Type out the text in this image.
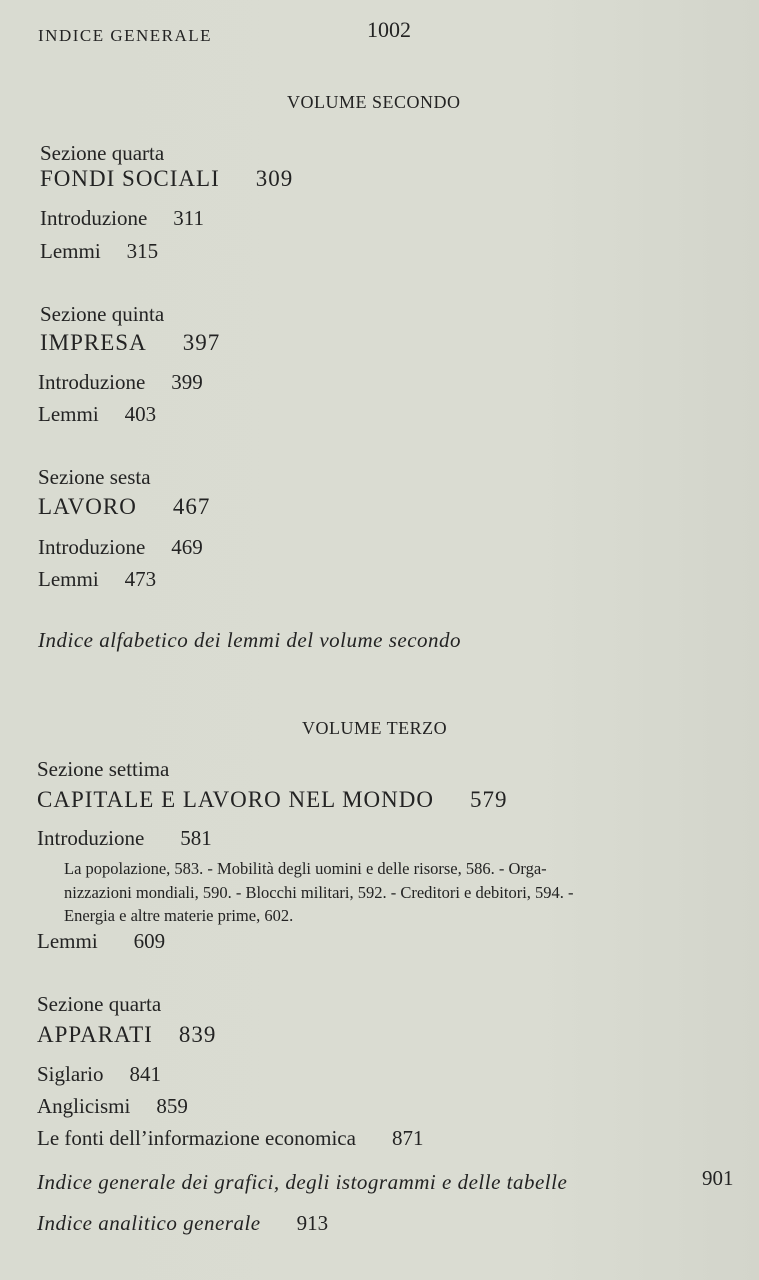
INDICE GENERALE	1002
VOLUME SECONDO
Sezione quarta
FONDI SOCIALI 309
Introduzione 311
Lemmi 315
Sezione quinta
IMPRESA 397
Introduzione 399
Lemmi 403
Sezione sesta
LAVORO 467
Introduzione 469
Lemmi 473
Indice alfabetico dei lemmi del volume secondo
VOLUME TERZO
Sezione settima
CAPITALE E LAVORO NEL MONDO 579
Introduzione 581
La popolazione, 583. - Mobilità degli uomini e delle risorse, 586. - Orga-
nizzazioni mondiali, 590. - Blocchi militari, 592. - Creditori e debitori, 594. -
Energia e altre materie prime, 602.
Lemmi 609
Sezione quarta
APPARATI 839
Siglario 841
Anglicismi 859
Le fonti dell’informazione economica 871
Indice generale dei grafici, degli istogrammi e delle tabelle	901
Indice analitico generale 913
